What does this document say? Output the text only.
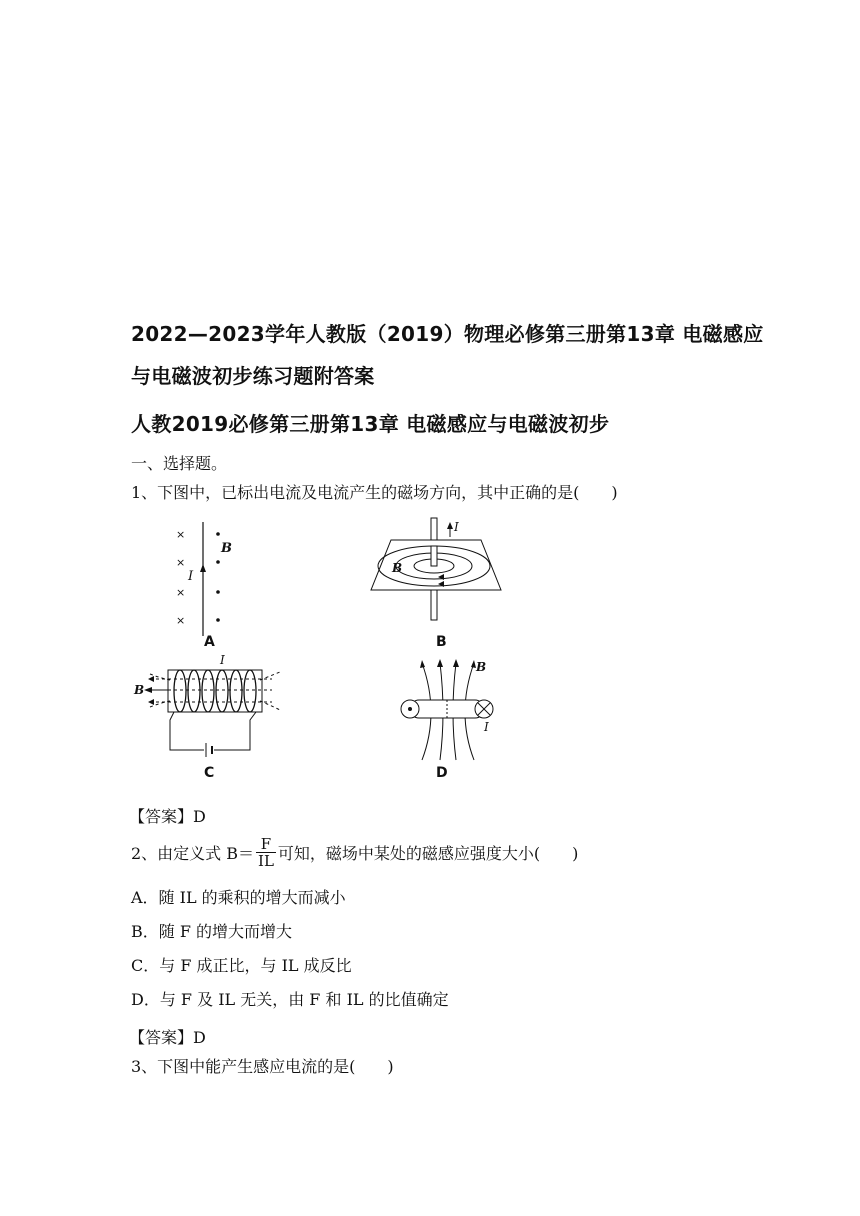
2022—2023学年人教版（2019）物理必修第三册第13章 电磁感应
与电磁波初步练习题附答案
人教2019必修第三册第13章 电磁感应与电磁波初步
一、选择题。
1、下图中，已标出电流及电流产生的磁场方向，其中正确的是(　　)
×
×
×
×
I
B
A
I
B
B
I
B
C
B
I
D
【答案】D
2、由定义式 $B= \frac{F}{IL}$ 可知，磁场中某处的磁感应强度大小(　　)
A．随 IL 的乘积的增大而减小
B．随 F 的增大而增大
C．与 F 成正比，与 IL 成反比
D．与 F 及 IL 无关，由 F 和 IL 的比值确定
【答案】D
3、下图中能产生感应电流的是(　　)
